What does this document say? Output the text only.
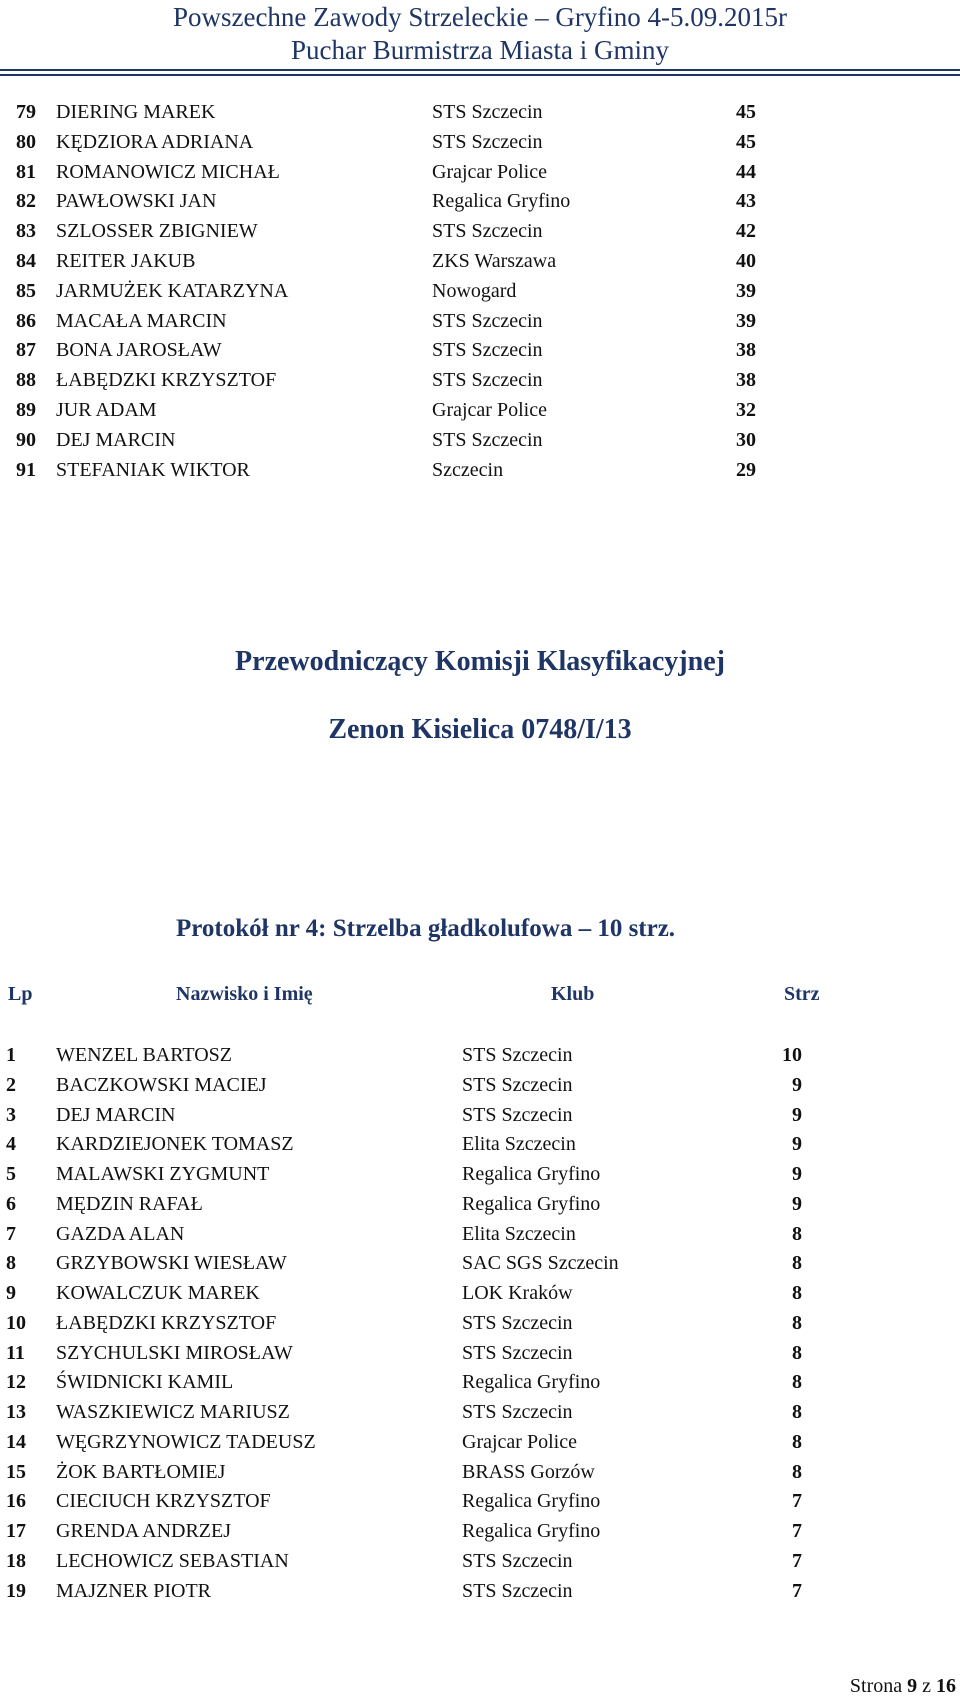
Powszechne Zawody Strzeleckie – Gryfino 4-5.09.2015r
Puchar Burmistrza Miasta i Gminy
79 DIERING MAREK	STS Szczecin	45
80 KĘDZIORA ADRIANA	STS Szczecin	45
81 ROMANOWICZ MICHAŁ	Grajcar Police	44
82 PAWŁOWSKI JAN	Regalica Gryfino	43
83 SZLOSSER ZBIGNIEW	STS Szczecin	42
84 REITER JAKUB	ZKS Warszawa	40
85 JARMUŻEK KATARZYNA	Nowogard	39
86 MACAŁA MARCIN	STS Szczecin	39
87 BONA JAROSŁAW	STS Szczecin	38
88 ŁABĘDZKI KRZYSZTOF	STS Szczecin	38
89 JUR ADAM	Grajcar Police	32
90 DEJ MARCIN	STS Szczecin	30
91 STEFANIAK WIKTOR	Szczecin	29
Przewodniczący Komisji Klasyfikacyjnej
Zenon Kisielica 0748/I/13
Protokół nr 4: Strzelba gładkolufowa – 10 strz.
Lp	Nazwisko i Imię	Klub	Strz
1 WENZEL BARTOSZ	STS Szczecin	10
2 BACZKOWSKI MACIEJ	STS Szczecin	9
3 DEJ MARCIN	STS Szczecin	9
4 KARDZIEJONEK TOMASZ	Elita Szczecin	9
5 MALAWSKI ZYGMUNT	Regalica Gryfino	9
6 MĘDZIN RAFAŁ	Regalica Gryfino	9
7 GAZDA ALAN	Elita Szczecin	8
8 GRZYBOWSKI WIESŁAW	SAC SGS Szczecin	8
9 KOWALCZUK MAREK	LOK Kraków	8
10 ŁABĘDZKI KRZYSZTOF	STS Szczecin	8
11 SZYCHULSKI MIROSŁAW	STS Szczecin	8
12 ŚWIDNICKI KAMIL	Regalica Gryfino	8
13 WASZKIEWICZ MARIUSZ	STS Szczecin	8
14 WĘGRZYNOWICZ TADEUSZ	Grajcar Police	8
15 ŻOK BARTŁOMIEJ	BRASS Gorzów	8
16 CIECIUCH KRZYSZTOF	Regalica Gryfino	7
17 GRENDA ANDRZEJ	Regalica Gryfino	7
18 LECHOWICZ SEBASTIAN	STS Szczecin	7
19 MAJZNER PIOTR	STS Szczecin	7
Strona 9 z 16
